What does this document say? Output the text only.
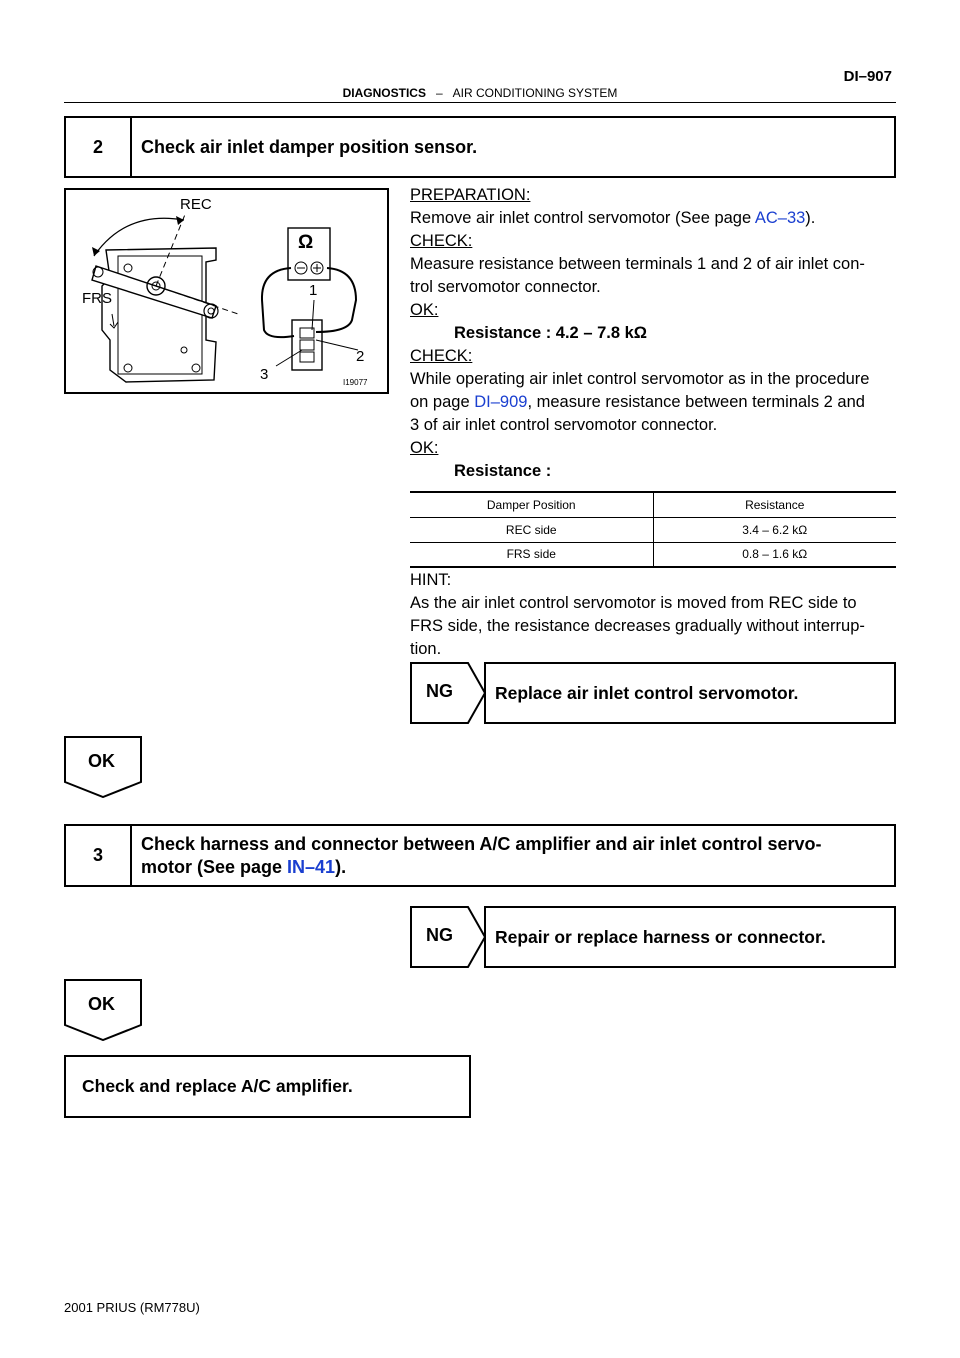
DIAGNOSTICS – AIR CONDITIONING SYSTEM
DI–907
2	Check air inlet damper position sensor.
REC
FRS
Ω
1
2
3	I19077
PREPARATION:
Remove air inlet control servomotor (See page AC–33).
CHECK:
Measure resistance between terminals 1 and 2 of air inlet con-
trol servomotor connector.
OK:
Resistance : 4.2 – 7.8 kΩ
CHECK:
While operating air inlet control servomotor as in the procedure
on page DI–909, measure resistance between terminals 2 and
3 of air inlet control servomotor connector.
OK:
Resistance :
Damper Position	Resistance
REC side	3.4 – 6.2 kΩ
FRS side	0.8 – 1.6 kΩ
HINT:
As the air inlet control servomotor is moved from REC side to
FRS side, the resistance decreases gradually without interrup-
tion.
NG	Replace air inlet control servomotor.
OK
3
Check harness and connector between A/C amplifier and air inlet control servo-
motor (See page IN–41).
NG	Repair or replace harness or connector.
OK
Check and replace A/C amplifier.
2001 PRIUS (RM778U)
